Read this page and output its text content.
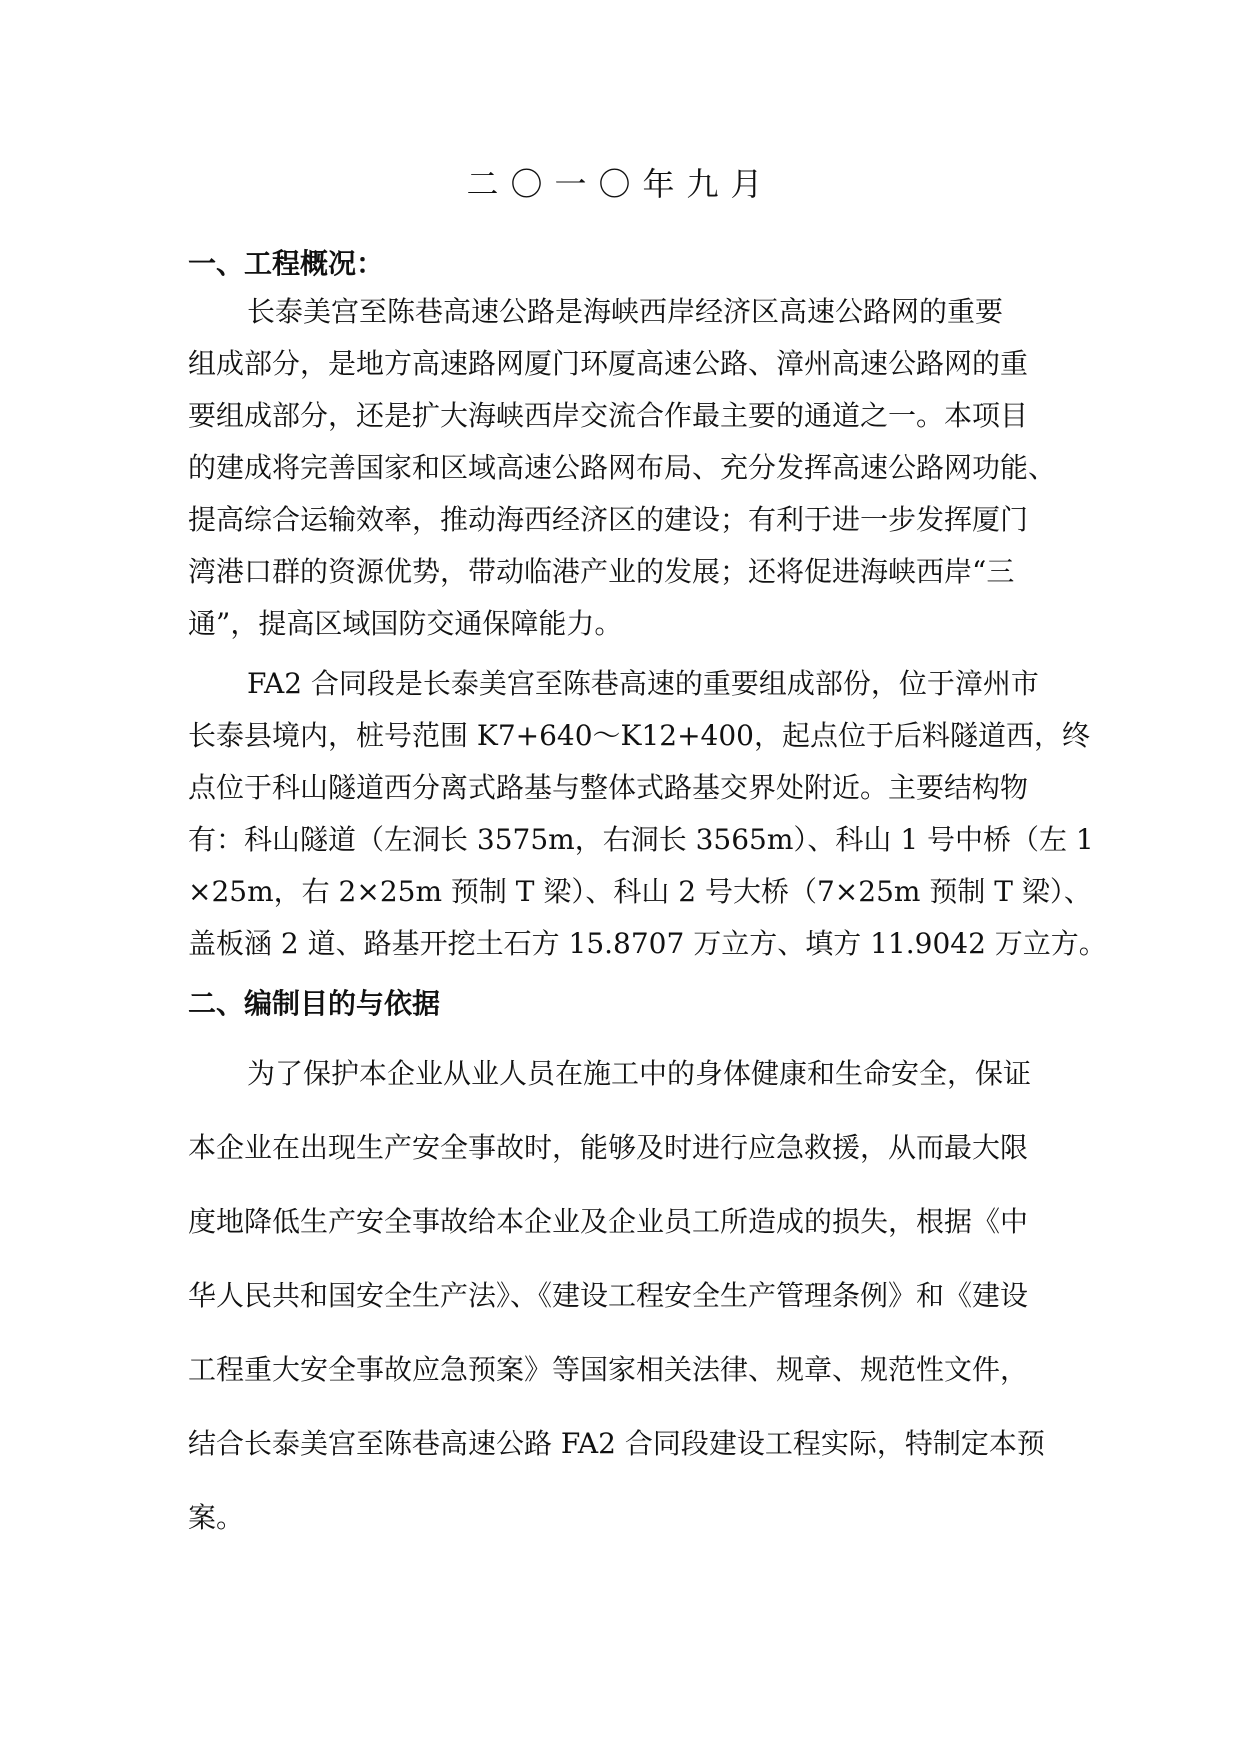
二〇一〇年九月
一、工程概况：
长泰美宫至陈巷高速公路是海峡西岸经济区高速公路网的重要
组成部分，是地方高速路网厦门环厦高速公路、漳州高速公路网的重
要组成部分，还是扩大海峡西岸交流合作最主要的通道之一。本项目
的建成将完善国家和区域高速公路网布局、充分发挥高速公路网功能、
提高综合运输效率，推动海西经济区的建设；有利于进一步发挥厦门
湾港口群的资源优势，带动临港产业的发展；还将促进海峡西岸“三
通”，提高区域国防交通保障能力。
FA2 合同段是长泰美宫至陈巷高速的重要组成部份，位于漳州市
长泰县境内，桩号范围 K7+640～K12+400，起点位于后料隧道西，终
点位于科山隧道西分离式路基与整体式路基交界处附近。主要结构物
有：科山隧道（左洞长 3575m，右洞长 3565m）、科山 1 号中桥（左 1
×25m，右 2×25m 预制 T 梁）、科山 2 号大桥（7×25m 预制 T 梁）、
盖板涵 2 道、路基开挖土石方 15.8707 万立方、填方 11.9042 万立方。
二、编制目的与依据
为了保护本企业从业人员在施工中的身体健康和生命安全，保证
本企业在出现生产安全事故时，能够及时进行应急救援，从而最大限
度地降低生产安全事故给本企业及企业员工所造成的损失，根据《中
华人民共和国安全生产法》、《建设工程安全生产管理条例》和《建设
工程重大安全事故应急预案》等国家相关法律、规章、规范性文件，
结合长泰美宫至陈巷高速公路 FA2 合同段建设工程实际，特制定本预
案。
